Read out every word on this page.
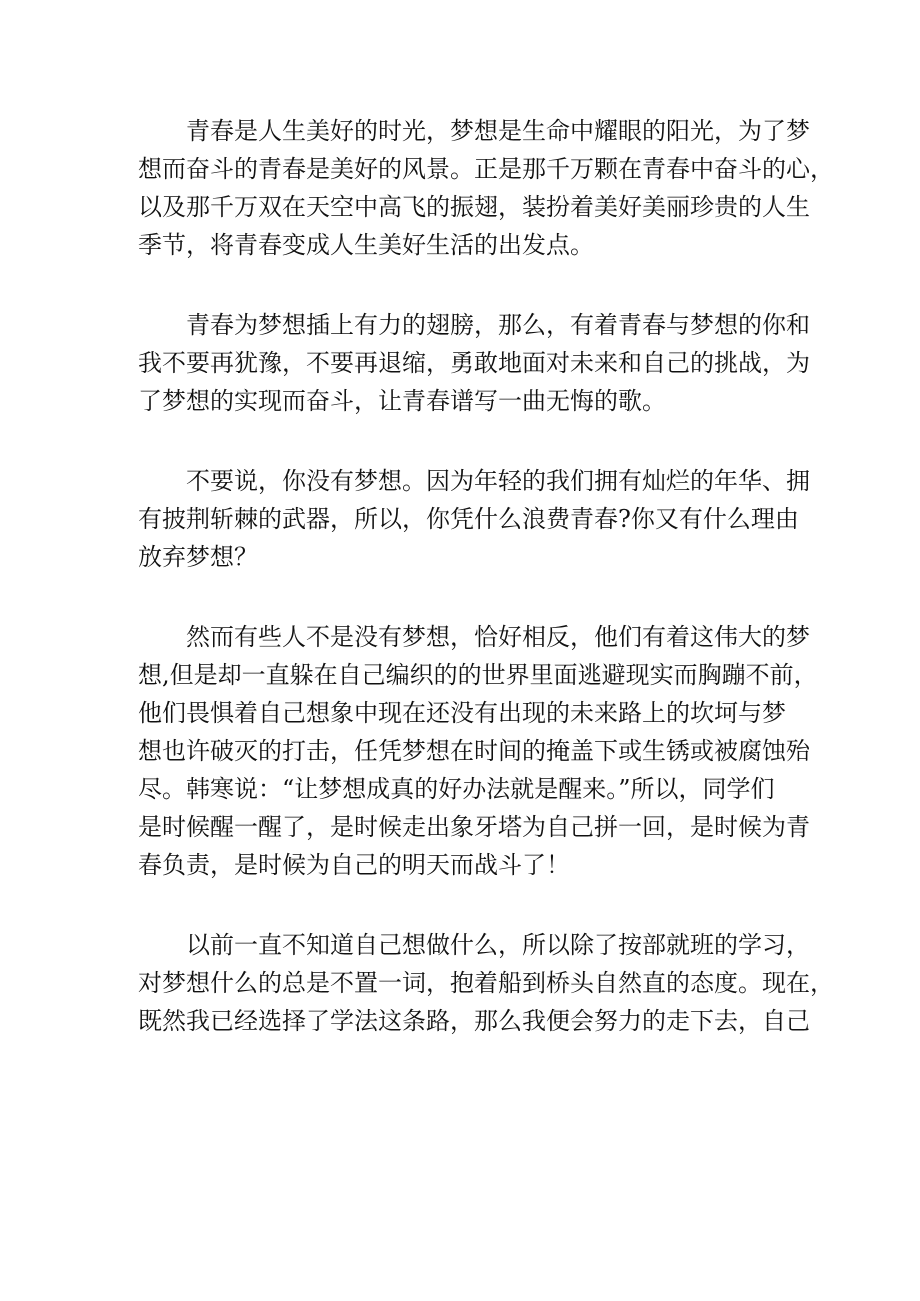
青春是人生美好的时光，梦想是生命中耀眼的阳光，为了梦
想而奋斗的青春是美好的风景。正是那千万颗在青春中奋斗的心，
以及那千万双在天空中高飞的振翅，装扮着美好美丽珍贵的人生
季节，将青春变成人生美好生活的出发点。

青春为梦想插上有力的翅膀，那么，有着青春与梦想的你和
我不要再犹豫，不要再退缩，勇敢地面对未来和自己的挑战，为
了梦想的实现而奋斗，让青春谱写一曲无悔的歌。

不要说，你没有梦想。因为年轻的我们拥有灿烂的年华、拥
有披荆斩棘的武器，所以，你凭什么浪费青春?你又有什么理由
放弃梦想？

然而有些人不是没有梦想，恰好相反，他们有着这伟大的梦
想,但是却一直躲在自己编织的的世界里面逃避现实而胸蹦不前，
他们畏惧着自己想象中现在还没有出现的未来路上的坎坷与梦
想也许破灭的打击，任凭梦想在时间的掩盖下或生锈或被腐蚀殆
尽。韩寒说：“让梦想成真的好办法就是醒来。”所以，同学们
是时候醒一醒了，是时候走出象牙塔为自己拼一回，是时候为青
春负责，是时候为自己的明天而战斗了！

以前一直不知道自己想做什么，所以除了按部就班的学习，
对梦想什么的总是不置一词，抱着船到桥头自然直的态度。现在，
既然我已经选择了学法这条路，那么我便会努力的走下去，自己
